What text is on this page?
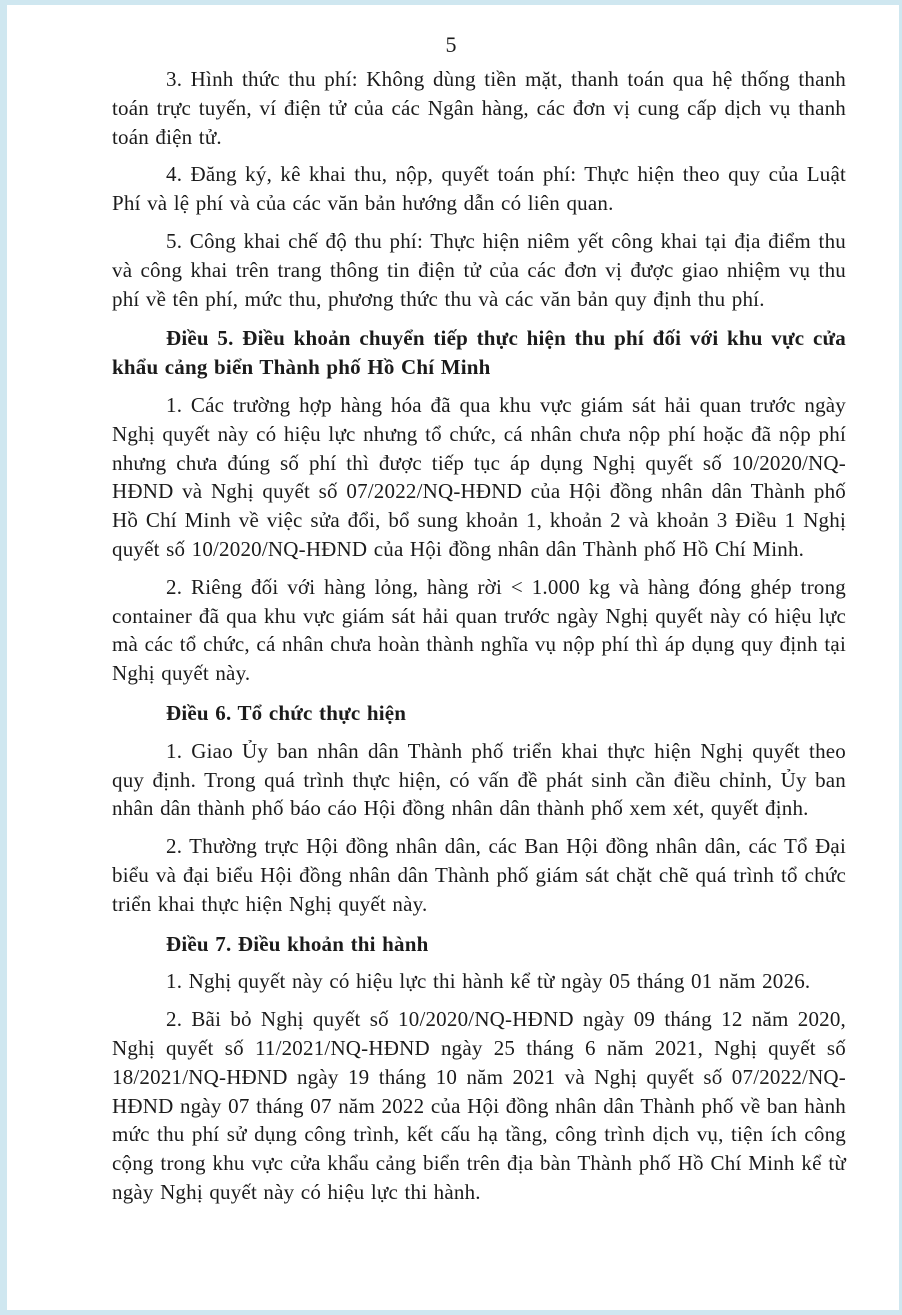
5

3. Hình thức thu phí: Không dùng tiền mặt, thanh toán qua hệ thống thanh toán trực tuyến, ví điện tử của các Ngân hàng, các đơn vị cung cấp dịch vụ thanh toán điện tử.

4. Đăng ký, kê khai thu, nộp, quyết toán phí: Thực hiện theo quy của Luật Phí và lệ phí và của các văn bản hướng dẫn có liên quan.

5. Công khai chế độ thu phí: Thực hiện niêm yết công khai tại địa điểm thu và công khai trên trang thông tin điện tử của các đơn vị được giao nhiệm vụ thu phí về tên phí, mức thu, phương thức thu và các văn bản quy định thu phí.

Điều 5. Điều khoản chuyển tiếp thực hiện thu phí đối với khu vực cửa khẩu cảng biển Thành phố Hồ Chí Minh

1. Các trường hợp hàng hóa đã qua khu vực giám sát hải quan trước ngày Nghị quyết này có hiệu lực nhưng tổ chức, cá nhân chưa nộp phí hoặc đã nộp phí nhưng chưa đúng số phí thì được tiếp tục áp dụng Nghị quyết số 10/2020/NQ-HĐND và Nghị quyết số 07/2022/NQ-HĐND của Hội đồng nhân dân Thành phố Hồ Chí Minh về việc sửa đổi, bổ sung khoản 1, khoản 2 và khoản 3 Điều 1 Nghị quyết số 10/2020/NQ-HĐND của Hội đồng nhân dân Thành phố Hồ Chí Minh.

2. Riêng đối với hàng lỏng, hàng rời < 1.000 kg và hàng đóng ghép trong container đã qua khu vực giám sát hải quan trước ngày Nghị quyết này có hiệu lực mà các tổ chức, cá nhân chưa hoàn thành nghĩa vụ nộp phí thì áp dụng quy định tại Nghị quyết này.

Điều 6. Tổ chức thực hiện

1. Giao Ủy ban nhân dân Thành phố triển khai thực hiện Nghị quyết theo quy định. Trong quá trình thực hiện, có vấn đề phát sinh cần điều chỉnh, Ủy ban nhân dân thành phố báo cáo Hội đồng nhân dân thành phố xem xét, quyết định.

2. Thường trực Hội đồng nhân dân, các Ban Hội đồng nhân dân, các Tổ Đại biểu và đại biểu Hội đồng nhân dân Thành phố giám sát chặt chẽ quá trình tổ chức triển khai thực hiện Nghị quyết này.

Điều 7. Điều khoản thi hành

1. Nghị quyết này có hiệu lực thi hành kể từ ngày 05 tháng 01 năm 2026.

2. Bãi bỏ Nghị quyết số 10/2020/NQ-HĐND ngày 09 tháng 12 năm 2020, Nghị quyết số 11/2021/NQ-HĐND ngày 25 tháng 6 năm 2021, Nghị quyết số 18/2021/NQ-HĐND ngày 19 tháng 10 năm 2021 và Nghị quyết số 07/2022/NQ-HĐND ngày 07 tháng 07 năm 2022 của Hội đồng nhân dân Thành phố về ban hành mức thu phí sử dụng công trình, kết cấu hạ tầng, công trình dịch vụ, tiện ích công cộng trong khu vực cửa khẩu cảng biển trên địa bàn Thành phố Hồ Chí Minh kể từ ngày Nghị quyết này có hiệu lực thi hành.
